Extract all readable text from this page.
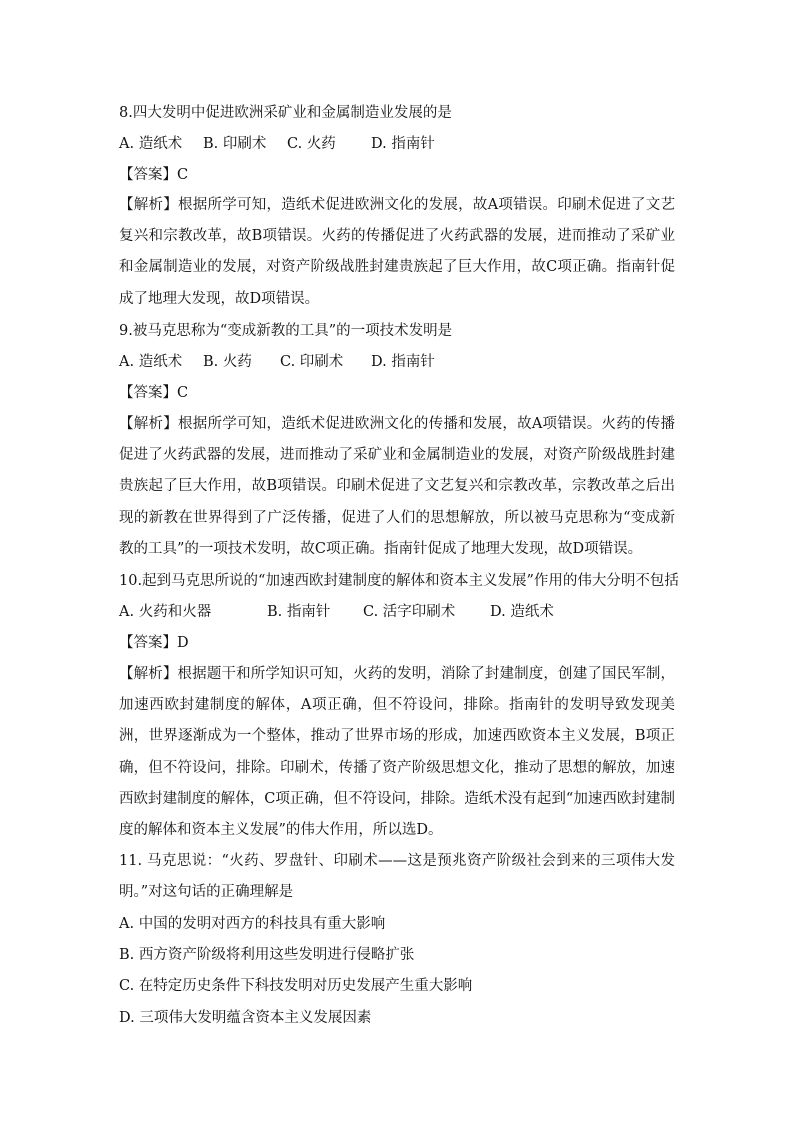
8.四大发明中促进欧洲采矿业和金属制造业发展的是
A. 造纸术 B. 印刷术 C. 火药 D. 指南针
【答案】C
【解析】根据所学可知，造纸术促进欧洲文化的发展，故A项错误。印刷术促进了文艺复兴和宗教改革，故B项错误。火药的传播促进了火药武器的发展，进而推动了采矿业和金属制造业的发展，对资产阶级战胜封建贵族起了巨大作用，故C项正确。指南针促成了地理大发现，故D项错误。
9.被马克思称为“变成新教的工具”的一项技术发明是
A. 造纸术 B. 火药 C. 印刷术 D. 指南针
【答案】C
【解析】根据所学可知，造纸术促进欧洲文化的传播和发展，故A项错误。火药的传播促进了火药武器的发展，进而推动了采矿业和金属制造业的发展，对资产阶级战胜封建贵族起了巨大作用，故B项错误。印刷术促进了文艺复兴和宗教改革，宗教改革之后出现的新教在世界得到了广泛传播，促进了人们的思想解放，所以被马克思称为“变成新教的工具”的一项技术发明，故C项正确。指南针促成了地理大发现，故D项错误。
10.起到马克思所说的“加速西欧封建制度的解体和资本主义发展”作用的伟大分明不包括
A. 火药和火器	B. 指南针 C. 活字印刷术 D. 造纸术
【答案】D
【解析】根据题干和所学知识可知，火药的发明，消除了封建制度，创建了国民军制，加速西欧封建制度的解体，A项正确，但不符设问，排除。指南针的发明导致发现美洲，世界逐渐成为一个整体，推动了世界市场的形成，加速西欧资本主义发展，B项正确，但不符设问，排除。印刷术，传播了资产阶级思想文化，推动了思想的解放，加速西欧封建制度的解体，C项正确，但不符设问，排除。造纸术没有起到“加速西欧封建制度的解体和资本主义发展”的伟大作用，所以选D。
11. 马克思说：“火药、罗盘针、印刷术——这是预兆资产阶级社会到来的三项伟大发明。”对这句话的正确理解是
A. 中国的发明对西方的科技具有重大影响
B. 西方资产阶级将利用这些发明进行侵略扩张
C. 在特定历史条件下科技发明对历史发展产生重大影响
D. 三项伟大发明蕴含资本主义发展因素
